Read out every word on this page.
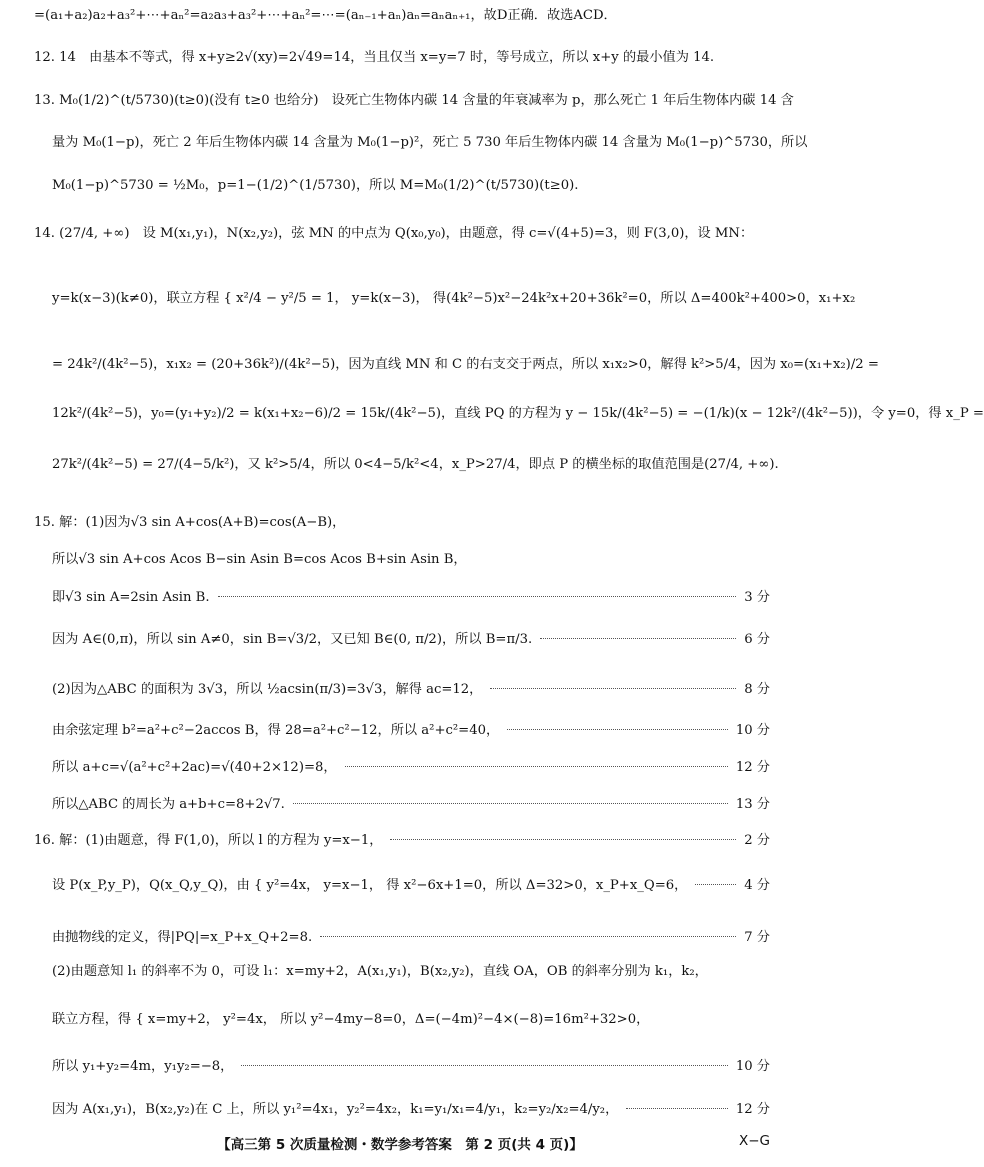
=(a₁+a₂)a₂+a₃²+⋯+aₙ²=a₂a₃+a₃²+⋯+aₙ²=⋯=(aₙ₋₁+aₙ)aₙ=aₙaₙ₊₁，故D正确．故选ACD．
12. 14　由基本不等式，得 x+y≥2√(xy)=2√49=14，当且仅当 x=y=7 时，等号成立，所以 x+y 的最小值为 14.
13. M₀(1/2)^(t/5730)(t≥0)(没有 t≥0 也给分)　设死亡生物体内碳 14 含量的年衰减率为 p，那么死亡 1 年后生物体内碳 14 含
量为 M₀(1−p)，死亡 2 年后生物体内碳 14 含量为 M₀(1−p)²，死亡 5 730 年后生物体内碳 14 含量为 M₀(1−p)^5730，所以
M₀(1−p)^5730 = ½M₀，p=1−(1/2)^(1/5730)，所以 M=M₀(1/2)^(t/5730)(t≥0).
14. (27/4, +∞)　设 M(x₁,y₁)，N(x₂,y₂)，弦 MN 的中点为 Q(x₀,y₀)，由题意，得 c=√(4+5)=3，则 F(3,0)，设 MN：
y=k(x−3)(k≠0)，联立方程 { x²/4 − y²/5 = 1， y=k(x−3)， 得(4k²−5)x²−24k²x+20+36k²=0，所以 Δ=400k²+400>0，x₁+x₂
= 24k²/(4k²−5)，x₁x₂ = (20+36k²)/(4k²−5)，因为直线 MN 和 C 的右支交于两点，所以 x₁x₂>0，解得 k²>5/4，因为 x₀=(x₁+x₂)/2 =
12k²/(4k²−5)，y₀=(y₁+y₂)/2 = k(x₁+x₂−6)/2 = 15k/(4k²−5)，直线 PQ 的方程为 y − 15k/(4k²−5) = −(1/k)(x − 12k²/(4k²−5))，令 y=0，得 x_P =
27k²/(4k²−5) = 27/(4−5/k²)，又 k²>5/4，所以 0<4−5/k²<4，x_P>27/4，即点 P 的横坐标的取值范围是(27/4, +∞).
15. 解：(1)因为√3 sin A+cos(A+B)=cos(A−B)，
所以√3 sin A+cos Acos B−sin Asin B=cos Acos B+sin Asin B，
即√3 sin A=2sin Asin B.	3 分
因为 A∈(0,π)，所以 sin A≠0，sin B=√3/2，又已知 B∈(0, π/2)，所以 B=π/3.	6 分
(2)因为△ABC 的面积为 3√3，所以 ½acsin(π/3)=3√3，解得 ac=12，	8 分
由余弦定理 b²=a²+c²−2accos B，得 28=a²+c²−12，所以 a²+c²=40，	10 分
所以 a+c=√(a²+c²+2ac)=√(40+2×12)=8，	12 分
所以△ABC 的周长为 a+b+c=8+2√7.	13 分
16. 解：(1)由题意，得 F(1,0)，所以 l 的方程为 y=x−1，	2 分
设 P(x_P,y_P)，Q(x_Q,y_Q)，由 { y²=4x， y=x−1， 得 x²−6x+1=0，所以 Δ=32>0，x_P+x_Q=6，	4 分
由抛物线的定义，得|PQ|=x_P+x_Q+2=8.	7 分
(2)由题意知 l₁ 的斜率不为 0，可设 l₁：x=my+2，A(x₁,y₁)，B(x₂,y₂)，直线 OA，OB 的斜率分别为 k₁，k₂，
联立方程，得 { x=my+2， y²=4x， 所以 y²−4my−8=0，Δ=(−4m)²−4×(−8)=16m²+32>0，
所以 y₁+y₂=4m，y₁y₂=−8，	10 分
因为 A(x₁,y₁)，B(x₂,y₂)在 C 上，所以 y₁²=4x₁，y₂²=4x₂，k₁=y₁/x₁=4/y₁，k₂=y₂/x₂=4/y₂，	12 分
【高三第 5 次质量检测・数学参考答案　第 2 页(共 4 页)】	X−G
